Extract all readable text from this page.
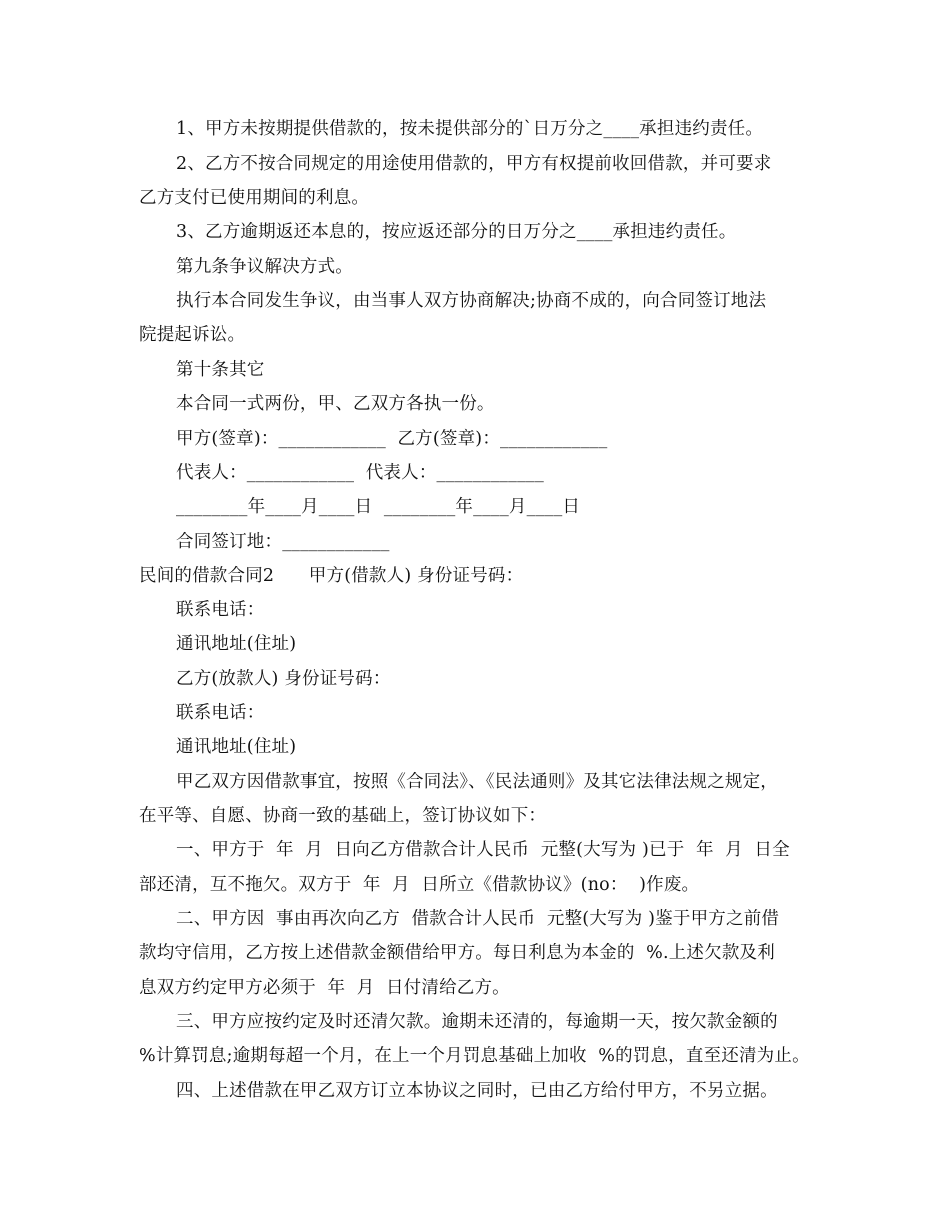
1、甲方未按期提供借款的，按未提供部分的`日万分之____承担违约责任。
2、乙方不按合同规定的用途使用借款的，甲方有权提前收回借款，并可要求
乙方支付已使用期间的利息。
3、乙方逾期返还本息的，按应返还部分的日万分之____承担违约责任。
第九条争议解决方式。
执行本合同发生争议，由当事人双方协商解决;协商不成的，向合同签订地法
院提起诉讼。
第十条其它
本合同一式两份，甲、乙双方各执一份。
甲方(签章)：____________  乙方(签章)：____________
代表人：____________  代表人：____________
________年____月____日  ________年____月____日
合同签订地：____________
民间的借款合同2      甲方(借款人) 身份证号码：
联系电话：
通讯地址(住址)
乙方(放款人) 身份证号码：
联系电话：
通讯地址(住址)
甲乙双方因借款事宜，按照《合同法》、《民法通则》及其它法律法规之规定，
在平等、自愿、协商一致的基础上，签订协议如下：
一、甲方于  年  月  日向乙方借款合计人民币  元整(大写为 )已于  年  月  日全
部还清，互不拖欠。双方于  年  月  日所立《借款协议》(no：  )作废。
二、甲方因  事由再次向乙方  借款合计人民币  元整(大写为 )鉴于甲方之前借
款均守信用，乙方按上述借款金额借给甲方。每日利息为本金的  %.上述欠款及利
息双方约定甲方必须于  年  月  日付清给乙方。
三、甲方应按约定及时还清欠款。逾期未还清的，每逾期一天，按欠款金额的
%计算罚息;逾期每超一个月，在上一个月罚息基础上加收  %的罚息，直至还清为止。
四、上述借款在甲乙双方订立本协议之同时，已由乙方给付甲方，不另立据。
